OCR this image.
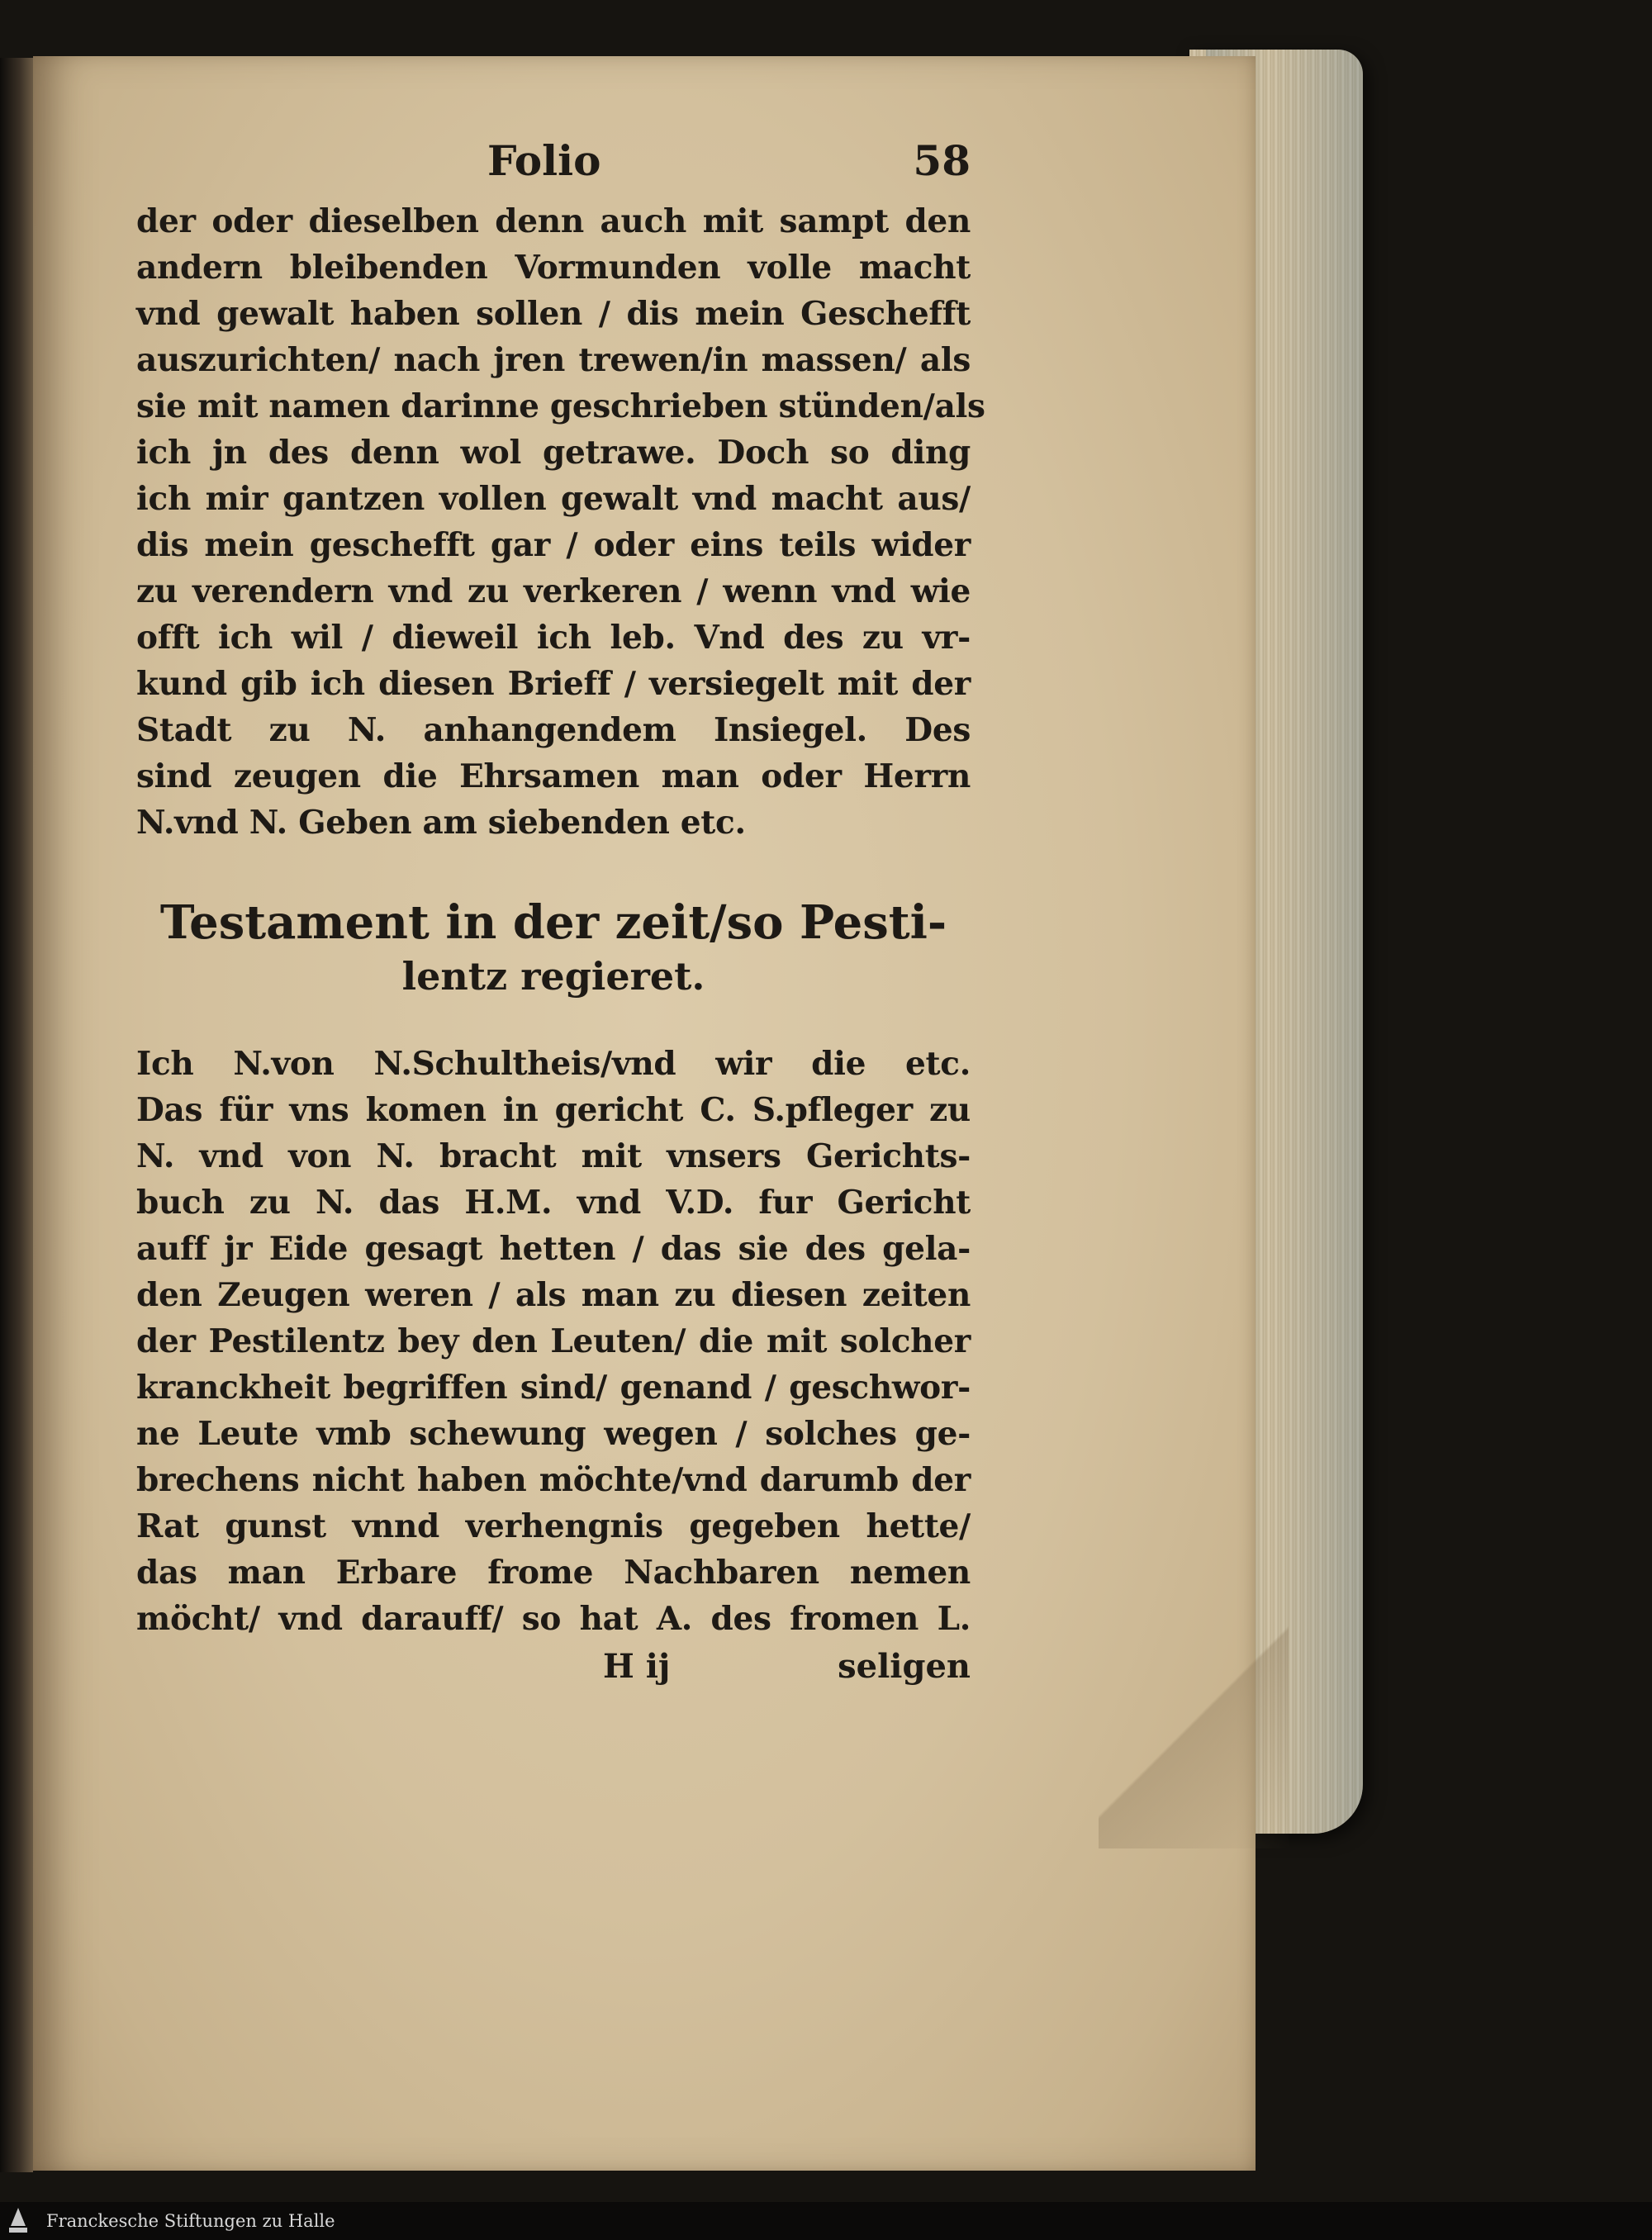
Folio	58
der oder dieselben denn auch mit sampt den
andern bleibenden Vormunden volle macht
vnd gewalt haben sollen / dis mein Geschefft
auszurichten/ nach jren trewen/in massen/ als
sie mit namen darinne geschrieben stünden/als
ich jn des denn wol getrawe. Doch so ding
ich mir gantzen vollen gewalt vnd macht aus/
dis mein geschefft gar / oder eins teils wider
zu verendern vnd zu verkeren / wenn vnd wie
offt ich wil / dieweil ich leb. Vnd des zu vr-
kund gib ich diesen Brieff / versiegelt mit der
Stadt zu N. anhangendem Insiegel. Des
sind zeugen die Ehrsamen man oder Herrn
N.vnd N. Geben am siebenden etc.
Testament in der zeit/so Pesti-
lentz regieret.
Ich N.von N.Schultheis/vnd wir die etc.
Das für vns komen in gericht C. S.pfleger zu
N. vnd von N. bracht mit vnsers Gerichts-
buch zu N. das H.M. vnd V.D. fur Gericht
auff jr Eide gesagt hetten / das sie des gela-
den Zeugen weren / als man zu diesen zeiten
der Pestilentz bey den Leuten/ die mit solcher
kranckheit begriffen sind/ genand / geschwor-
ne Leute vmb schewung wegen / solches ge-
brechens nicht haben möchte/vnd darumb der
Rat gunst vnnd verhengnis gegeben hette/
das man Erbare frome Nachbaren nemen
möcht/ vnd darauff/ so hat A. des fromen L.
H ij	seligen
Franckesche Stiftungen zu Halle
